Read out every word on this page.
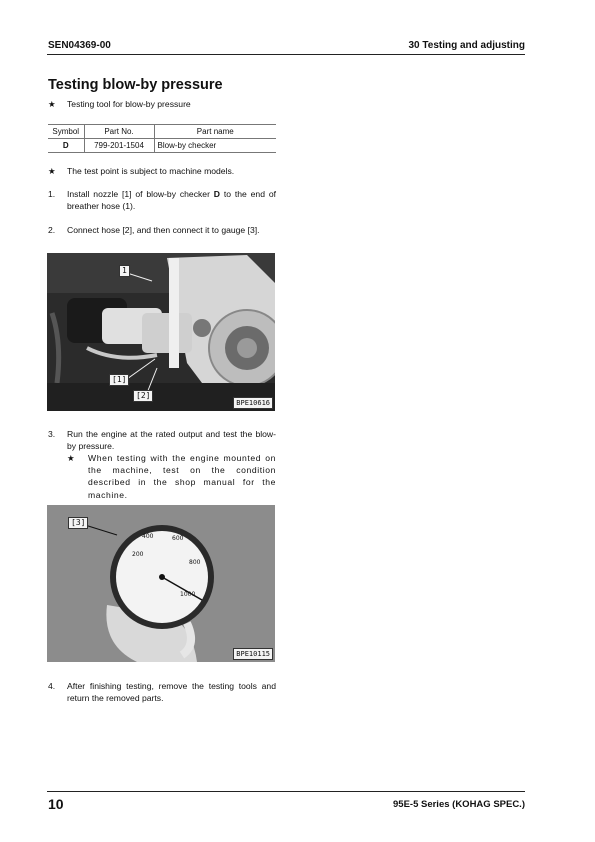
SEN04369-00	30 Testing and adjusting
Testing blow-by pressure
★ Testing tool for blow-by pressure
Symbol	Part No.	Part name
D	799-201-1504	Blow-by checker
★ The test point is subject to machine models.
1. Install nozzle [1] of blow-by checker D to the end of breather hose (1).
2. Connect hose [2], and then connect it to gauge [3].
1
[1]
[2]
BPE10616
3. Run the engine at the rated output and test the blow-by pressure.
★ When testing with the engine mounted on the machine, test on the condition described in the shop manual for the machine.
200
400	600
800
1000
[3]
BPE10115
4. After finishing testing, remove the testing tools and return the removed parts.
10	95E-5 Series (KOHAG SPEC.)
